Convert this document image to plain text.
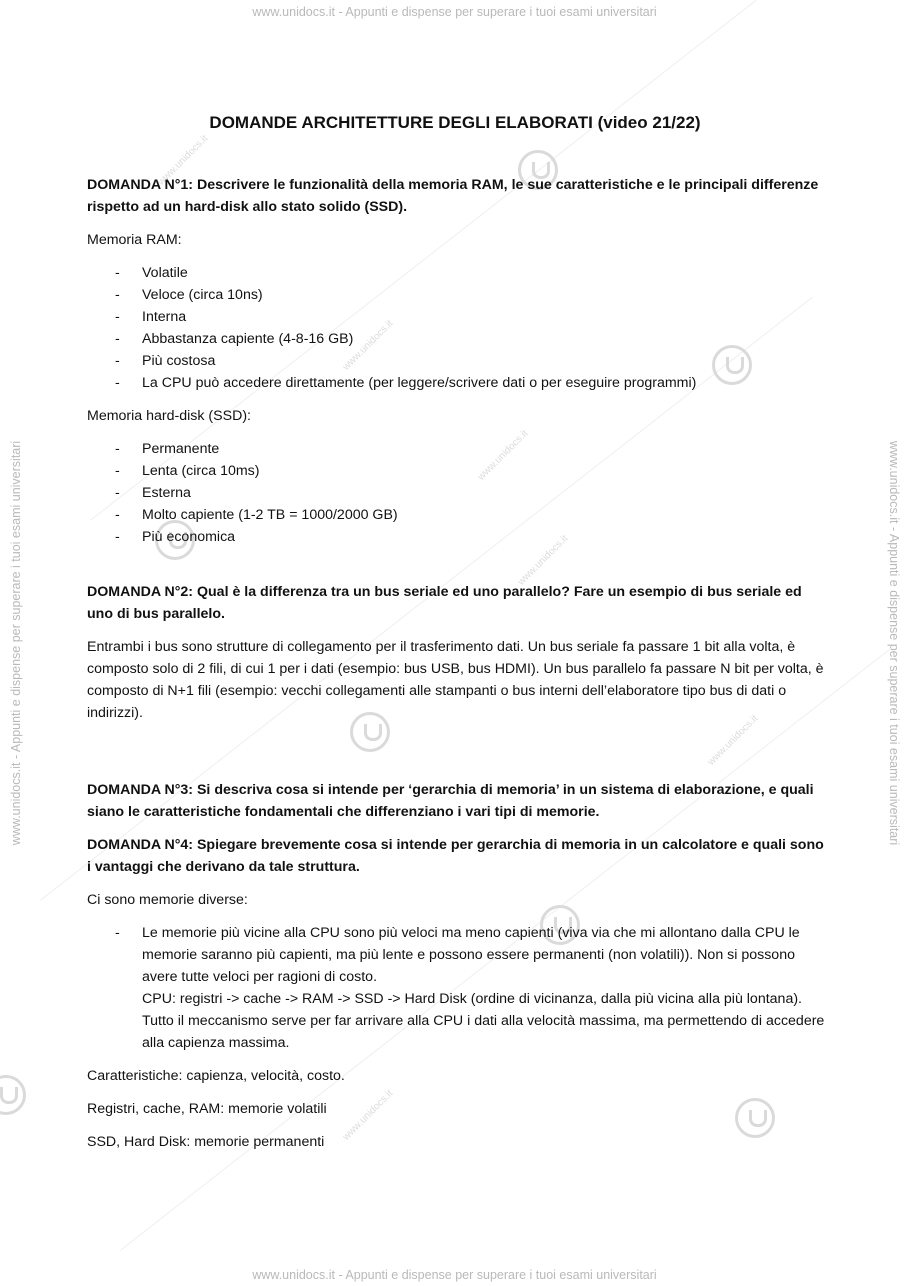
www.unidocs.it - Appunti e dispense per superare i tuoi esami universitari
www.unidocs.it - Appunti e dispense per superare i tuoi esami universitari
www.unidocs.it - Appunti e dispense per superare i tuoi esami universitari	www.unidocs.it - Appunti e dispense per superare i tuoi esami universitari
www.unidocs.it
www.unidocs.it
www.unidocs.it
www.unidocs.it
www.unidocs.it
www.unidocs.it
DOMANDE ARCHITETTURE DEGLI ELABORATI (video 21/22)
DOMANDA N°1: Descrivere le funzionalità della memoria RAM, le sue caratteristiche e le principali differenze rispetto ad un hard-disk allo stato solido (SSD).

Memoria RAM:

- Volatile
- Veloce (circa 10ns)
- Interna
- Abbastanza capiente (4-8-16 GB)
- Più costosa
- La CPU può accedere direttamente (per leggere/scrivere dati o per eseguire programmi)

Memoria hard-disk (SSD):

- Permanente
- Lenta (circa 10ms)
- Esterna
- Molto capiente (1-2 TB = 1000/2000 GB)
- Più economica
DOMANDA N°2: Qual è la differenza tra un bus seriale ed uno parallelo? Fare un esempio di bus seriale ed uno di bus parallelo.

Entrambi i bus sono strutture di collegamento per il trasferimento dati. Un bus seriale fa passare 1 bit alla volta, è composto solo di 2 fili, di cui 1 per i dati (esempio: bus USB, bus HDMI). Un bus parallelo fa passare N bit per volta, è composto di N+1 fili (esempio: vecchi collegamenti alle stampanti o bus interni dell’elaboratore tipo bus di dati o indirizzi).

DOMANDA N°3: Si descriva cosa si intende per ‘gerarchia di memoria’ in un sistema di elaborazione, e quali siano le caratteristiche fondamentali che differenziano i vari tipi di memorie.
DOMANDA N°4: Spiegare brevemente cosa si intende per gerarchia di memoria in un calcolatore e quali sono i vantaggi che derivano da tale struttura.

Ci sono memorie diverse:

- Le memorie più vicine alla CPU sono più veloci ma meno capienti (viva via che mi allontano dalla CPU le memorie saranno più capienti, ma più lente e possono essere permanenti (non volatili)). Non si possono avere tutte veloci per ragioni di costo.
CPU: registri -> cache -> RAM -> SSD -> Hard Disk (ordine di vicinanza, dalla più vicina alla più lontana).
Tutto il meccanismo serve per far arrivare alla CPU i dati alla velocità massima, ma permettendo di accedere alla capienza massima.

Caratteristiche: capienza, velocità, costo.

Registri, cache, RAM: memorie volatili

SSD, Hard Disk: memorie permanenti
